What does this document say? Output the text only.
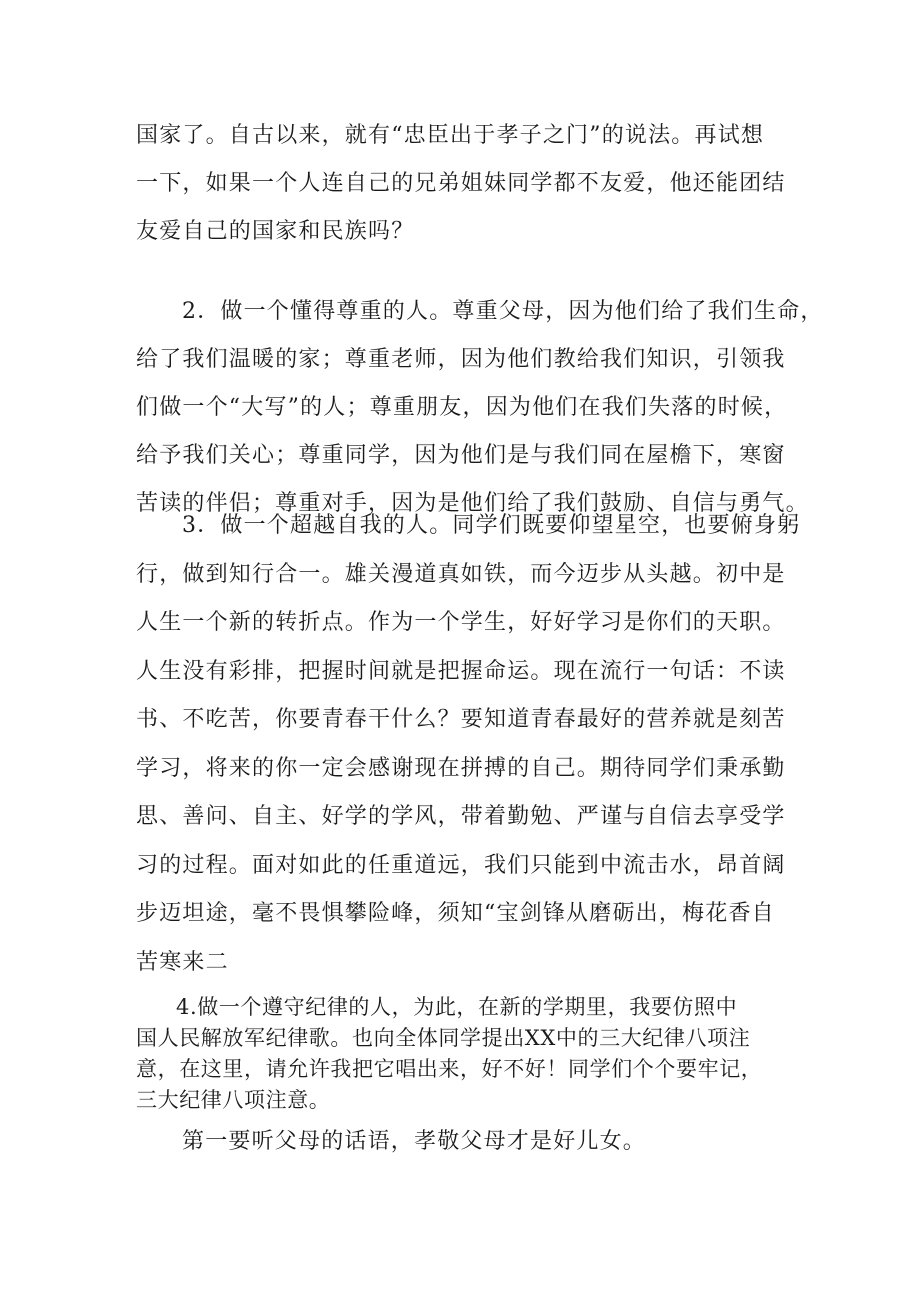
国家了。自古以来，就有“忠臣出于孝子之门”的说法。再试想
一下，如果一个人连自己的兄弟姐妹同学都不友爱，他还能团结
友爱自己的国家和民族吗？
2．做一个懂得尊重的人。尊重父母，因为他们给了我们生命，
给了我们温暖的家；尊重老师，因为他们教给我们知识，引领我
们做一个“大写”的人；尊重朋友，因为他们在我们失落的时候，
给予我们关心；尊重同学，因为他们是与我们同在屋檐下，寒窗
苦读的伴侣；尊重对手，因为是他们给了我们鼓励、自信与勇气。
3．做一个超越自我的人。同学们既要仰望星空，也要俯身躬
行，做到知行合一。雄关漫道真如铁，而今迈步从头越。初中是
人生一个新的转折点。作为一个学生，好好学习是你们的天职。
人生没有彩排，把握时间就是把握命运。现在流行一句话：不读
书、不吃苦，你要青春干什么？要知道青春最好的营养就是刻苦
学习，将来的你一定会感谢现在拼搏的自己。期待同学们秉承勤
思、善问、自主、好学的学风，带着勤勉、严谨与自信去享受学
习的过程。面对如此的任重道远，我们只能到中流击水，昂首阔
步迈坦途，毫不畏惧攀险峰，须知“宝剑锋从磨砺出，梅花香自
苦寒来二
4.做一个遵守纪律的人，为此，在新的学期里，我要仿照中
国人民解放军纪律歌。也向全体同学提出XX中的三大纪律八项注
意，在这里，请允许我把它唱出来，好不好！同学们个个要牢记，
三大纪律八项注意。
第一要听父母的话语，孝敬父母才是好儿女。
